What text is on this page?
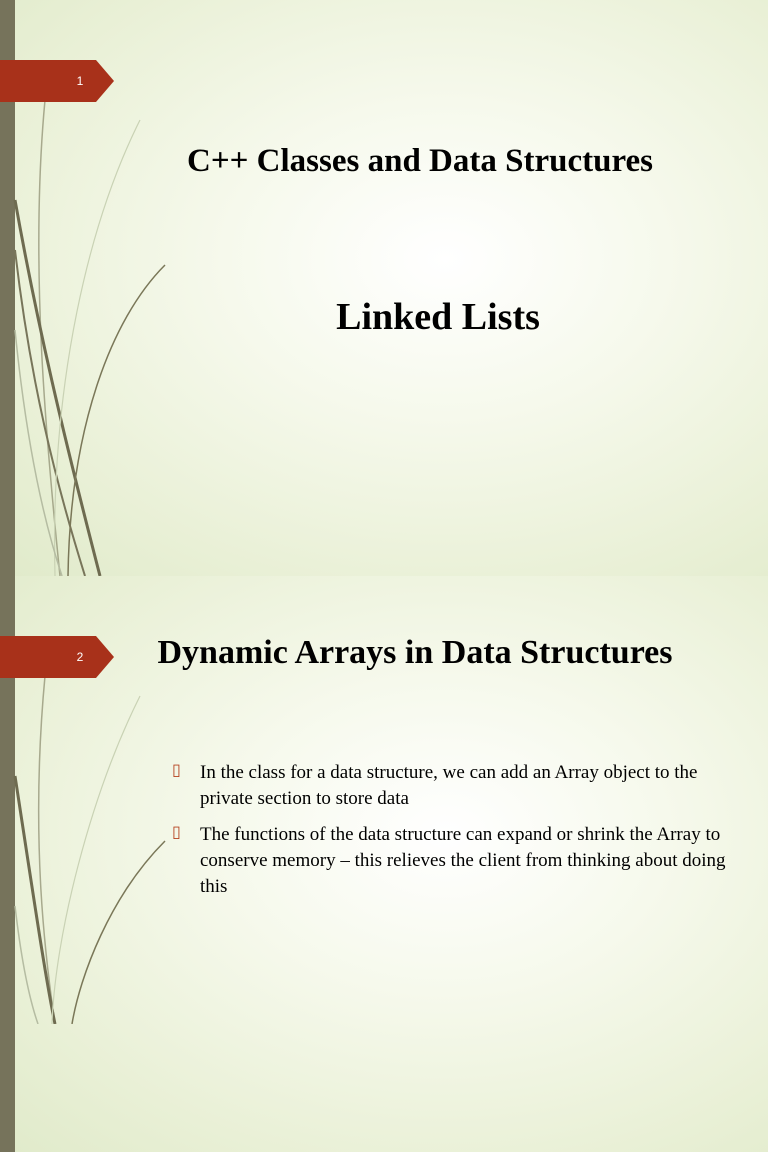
1
C++ Classes and Data Structures
Linked Lists
2	Dynamic Arrays in Data Structures
▯ In the class for a data structure, we can add an Array object to the private section to store data
▯ The functions of the data structure can expand or shrink the Array to conserve memory – this relieves the client from thinking about doing this
